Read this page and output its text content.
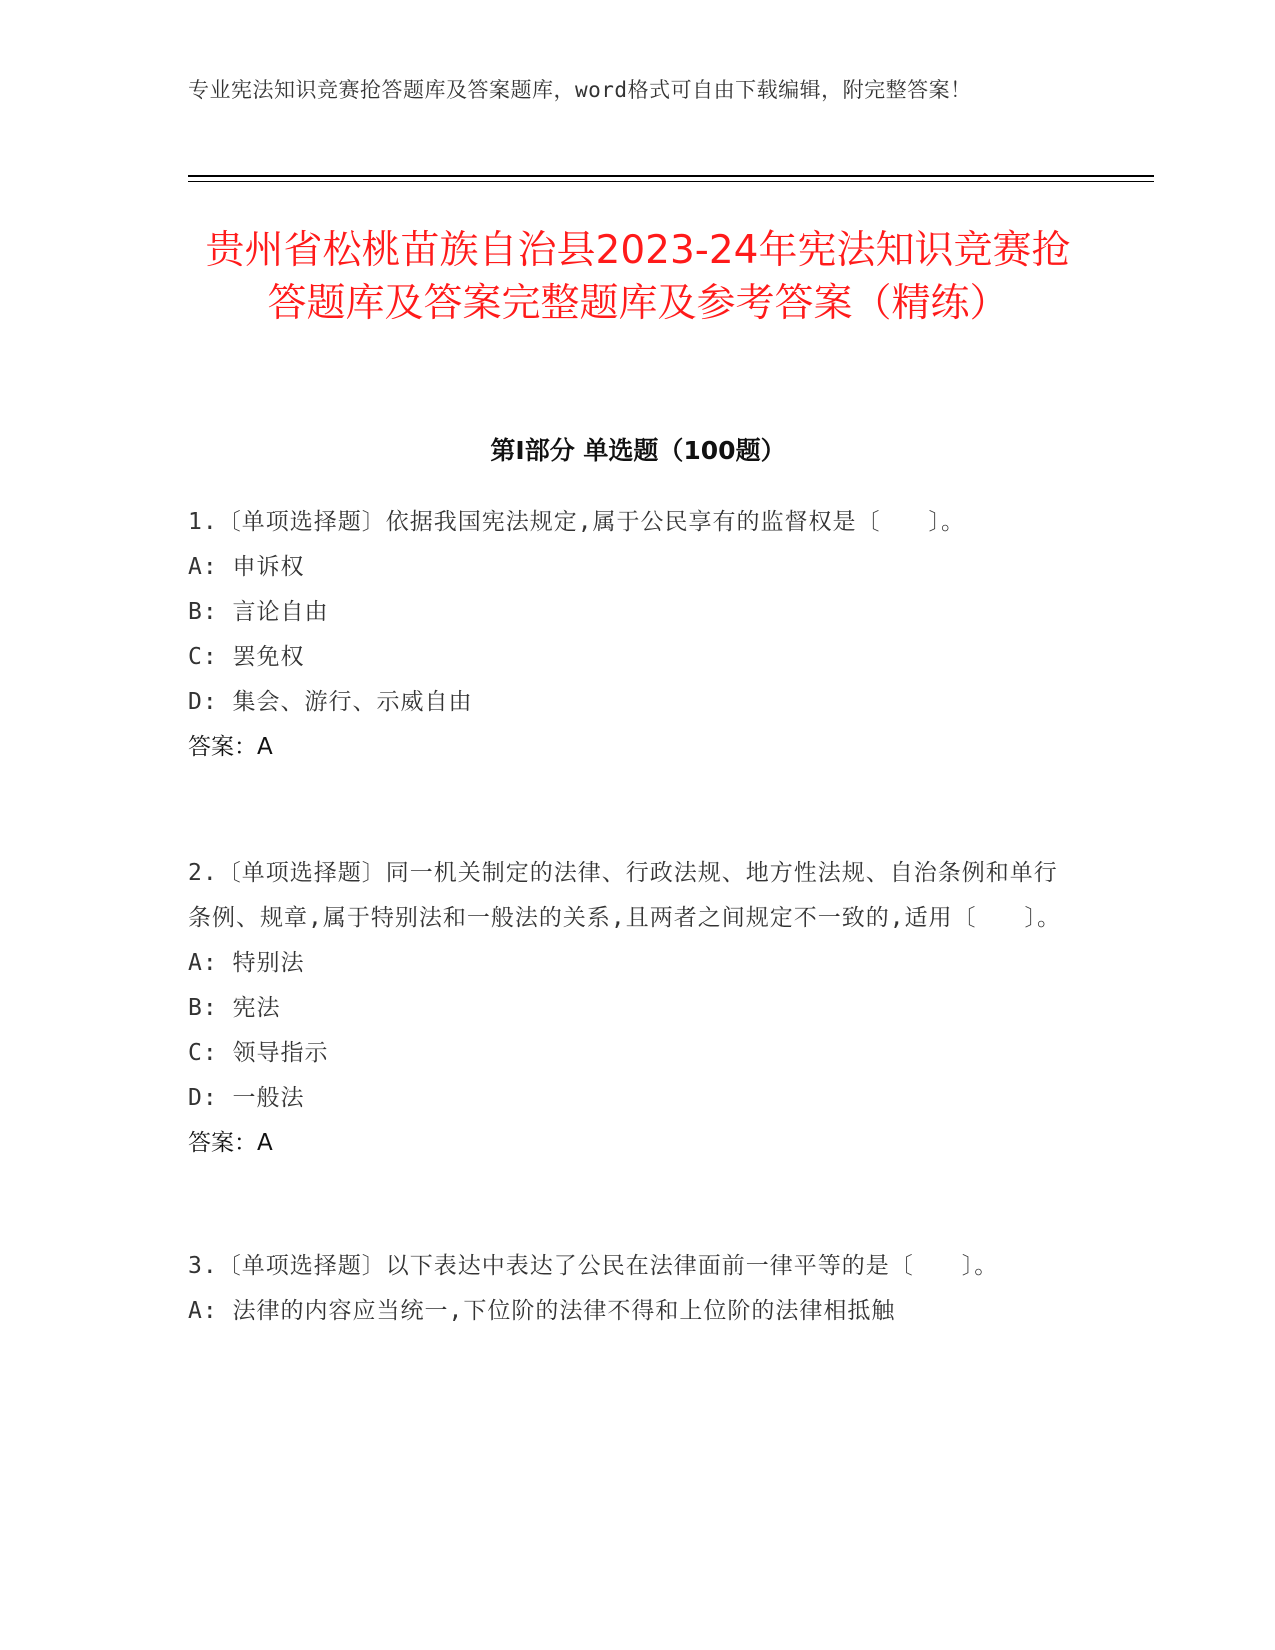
专业宪法知识竞赛抢答题库及答案题库，word格式可自由下载编辑，附完整答案！
贵州省松桃苗族自治县2023-24年宪法知识竞赛抢答题库及答案完整题库及参考答案（精练）
第Ⅰ部分 单选题（100题）
1.〔单项选择题〕依据我国宪法规定,属于公民享有的监督权是〔　　〕。
A: 申诉权
B: 言论自由
C: 罢免权
D: 集会、游行、示威自由
答案：A
2.〔单项选择题〕同一机关制定的法律、行政法规、地方性法规、自治条例和单行条例、规章,属于特别法和一般法的关系,且两者之间规定不一致的,适用〔　　〕。
A: 特别法
B: 宪法
C: 领导指示
D: 一般法
答案：A
3.〔单项选择题〕以下表达中表达了公民在法律面前一律平等的是〔　　〕。
A: 法律的内容应当统一,下位阶的法律不得和上位阶的法律相抵触
